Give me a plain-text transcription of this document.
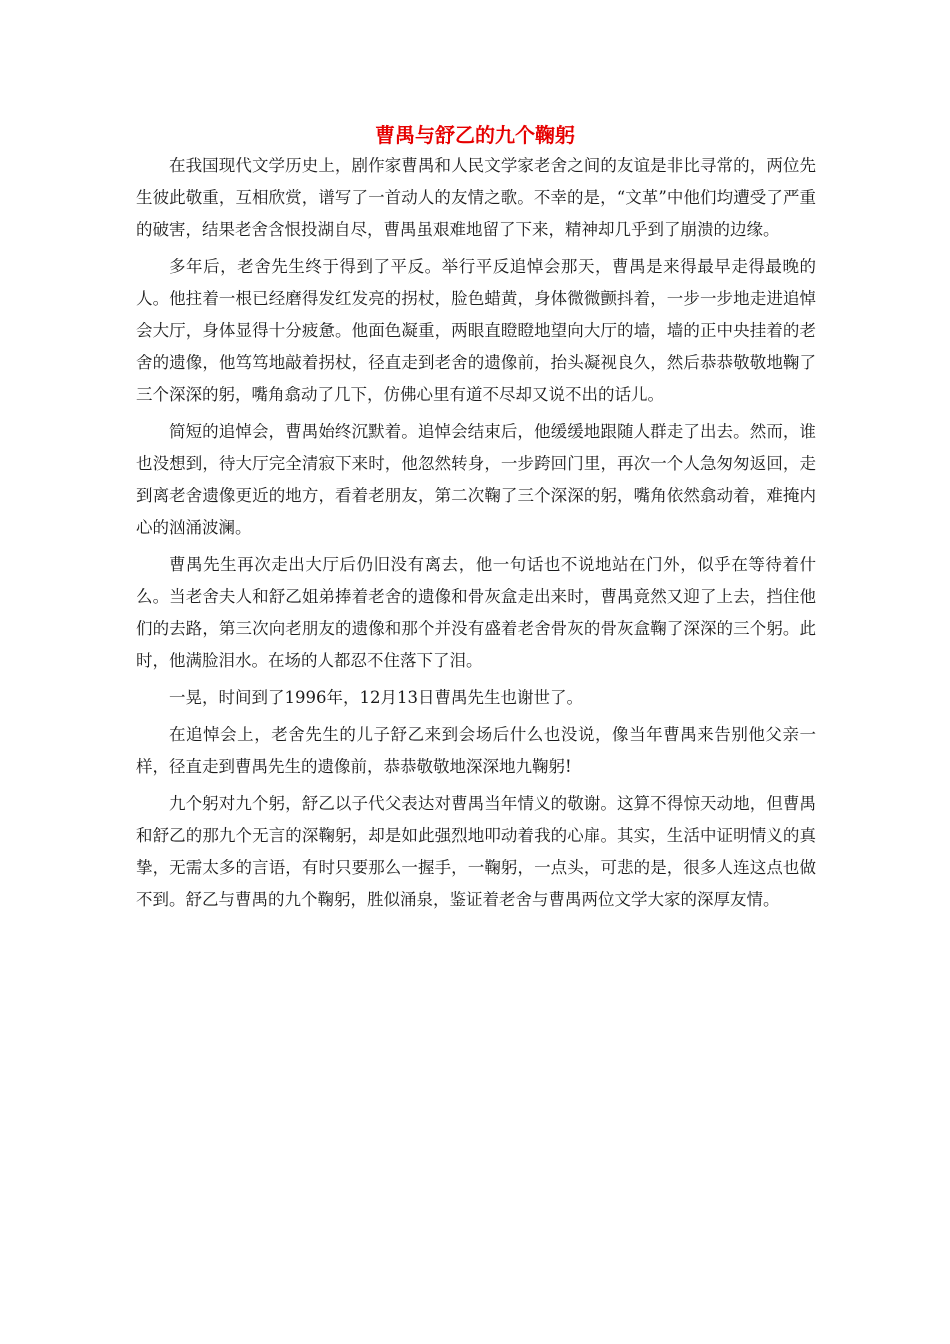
曹禺与舒乙的九个鞠躬

在我国现代文学历史上，剧作家曹禺和人民文学家老舍之间的友谊是非比寻常的，两位先生彼此敬重，互相欣赏，谱写了一首动人的友情之歌。不幸的是，“文革”中他们均遭受了严重的破害，结果老舍含恨投湖自尽，曹禺虽艰难地留了下来，精神却几乎到了崩溃的边缘。

多年后，老舍先生终于得到了平反。举行平反追悼会那天，曹禺是来得最早走得最晚的人。他拄着一根已经磨得发红发亮的拐杖，脸色蜡黄，身体微微颤抖着，一步一步地走进追悼会大厅，身体显得十分疲惫。他面色凝重，两眼直瞪瞪地望向大厅的墙，墙的正中央挂着的老舍的遗像，他笃笃地敲着拐杖，径直走到老舍的遗像前，抬头凝视良久，然后恭恭敬敬地鞠了三个深深的躬，嘴角翕动了几下，仿佛心里有道不尽却又说不出的话儿。

简短的追悼会，曹禺始终沉默着。追悼会结束后，他缓缓地跟随人群走了出去。然而，谁也没想到，待大厅完全清寂下来时，他忽然转身，一步跨回门里，再次一个人急匆匆返回，走到离老舍遗像更近的地方，看着老朋友，第二次鞠了三个深深的躬，嘴角依然翕动着，难掩内心的汹涌波澜。

曹禺先生再次走出大厅后仍旧没有离去，他一句话也不说地站在门外，似乎在等待着什么。当老舍夫人和舒乙姐弟捧着老舍的遗像和骨灰盒走出来时，曹禺竟然又迎了上去，挡住他们的去路，第三次向老朋友的遗像和那个并没有盛着老舍骨灰的骨灰盒鞠了深深的三个躬。此时，他满脸泪水。在场的人都忍不住落下了泪。

一晃，时间到了1996年，12月13日曹禺先生也谢世了。

在追悼会上，老舍先生的儿子舒乙来到会场后什么也没说，像当年曹禺来告别他父亲一样，径直走到曹禺先生的遗像前，恭恭敬敬地深深地九鞠躬!

九个躬对九个躬，舒乙以子代父表达对曹禺当年情义的敬谢。这算不得惊天动地，但曹禺和舒乙的那九个无言的深鞠躬，却是如此强烈地叩动着我的心扉。其实，生活中证明情义的真挚，无需太多的言语，有时只要那么一握手，一鞠躬，一点头，可悲的是，很多人连这点也做不到。舒乙与曹禺的九个鞠躬，胜似涌泉，鉴证着老舍与曹禺两位文学大家的深厚友情。
